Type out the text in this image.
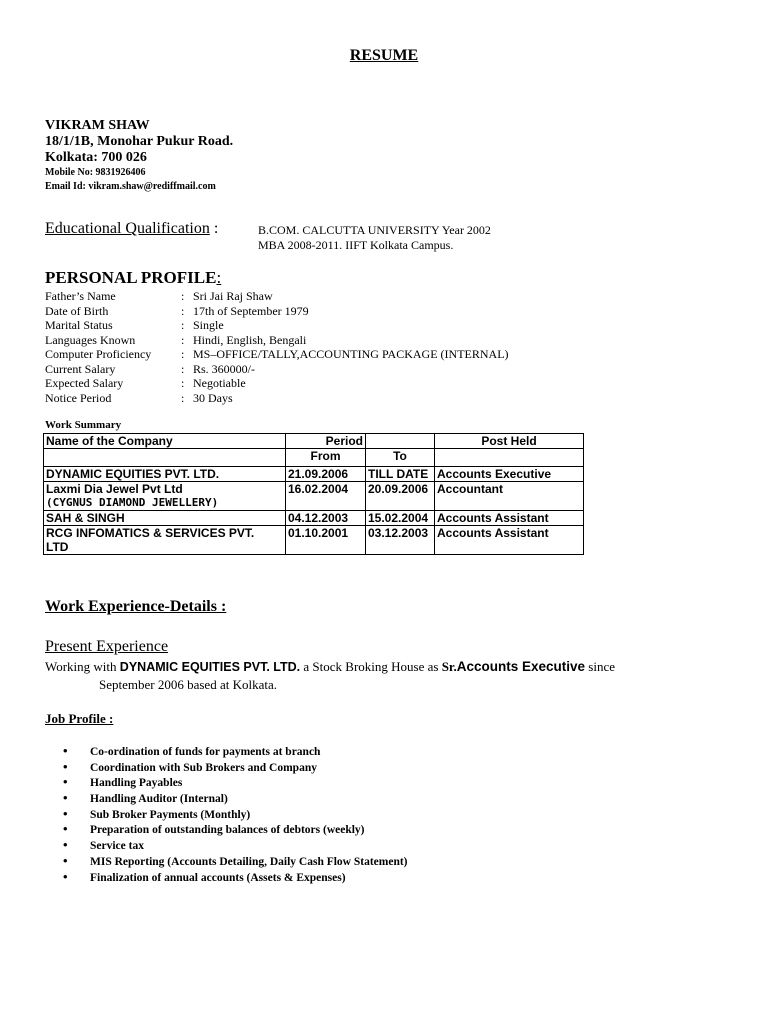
RESUME
VIKRAM SHAW
18/1/1B, Monohar Pukur Road.
Kolkata: 700 026
Mobile No: 9831926406
Email Id: vikram.shaw@rediffmail.com
Educational Qualification :	B.COM. CALCUTTA UNIVERSITY Year 2002
MBA 2008-2011. IIFT Kolkata Campus.
PERSONAL PROFILE:
Father’s Name	: Sri Jai Raj Shaw
Date of Birth	: 17th of September 1979
Marital Status	: Single
Languages Known	: Hindi, English, Bengali
Computer Proficiency : MS–OFFICE/TALLY,ACCOUNTING PACKAGE (INTERNAL)
Current Salary	: Rs. 360000/-
Expected Salary	: Negotiable
Notice Period	: 30 Days
Work Summary
Name of the Company	Period		Post Held
	From	To	

DYNAMIC EQUITIES PVT. LTD.	21.09.2006	TILL DATE	Accounts Executive

Laxmi Dia Jewel Pvt Ltd
(CYGNUS DIAMOND JEWELLERY)	16.02.2004	20.09.2006	Accountant

SAH & SINGH	04.12.2003	15.02.2004	Accounts Assistant

RCG INFOMATICS & SERVICES PVT.
LTD	01.10.2001	03.12.2003	Accounts Assistant
Work Experience-Details :
Present Experience
Working with DYNAMIC EQUITIES PVT. LTD. a Stock Broking House as Sr.Accounts Executive since
September 2006 based at Kolkata.
Job Profile :
• Co-ordination of funds for payments at branch
• Coordination with Sub Brokers and Company
• Handling Payables
• Handling Auditor (Internal)
• Sub Broker Payments (Monthly)
• Preparation of outstanding balances of debtors (weekly)
• Service tax
• MIS Reporting (Accounts Detailing, Daily Cash Flow Statement)
• Finalization of annual accounts (Assets & Expenses)
